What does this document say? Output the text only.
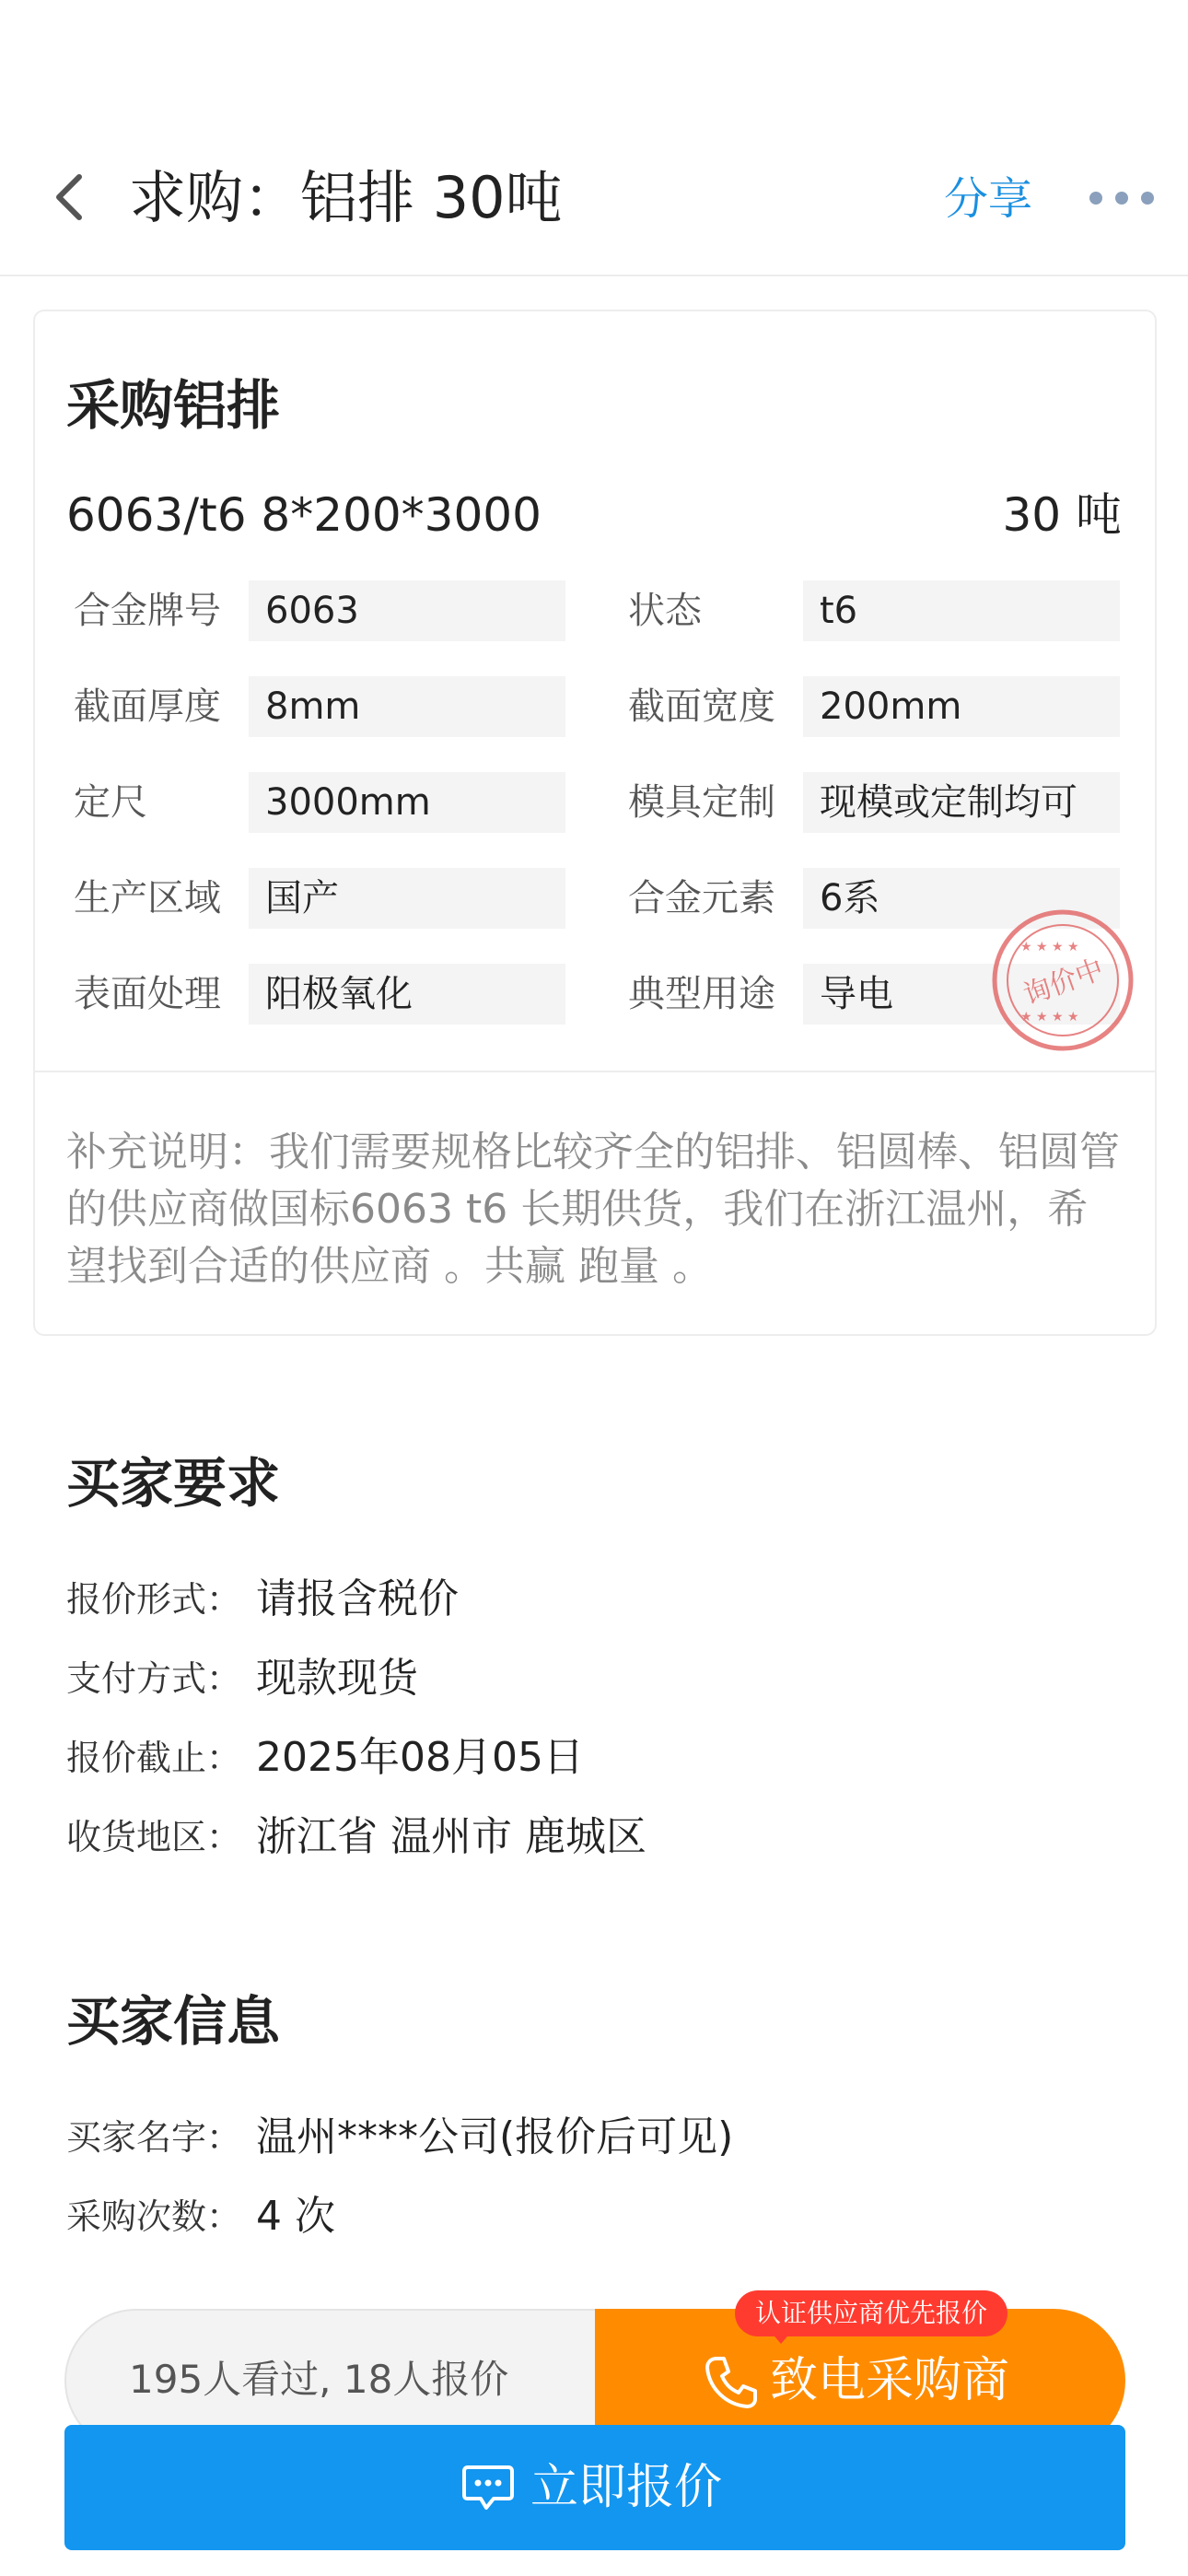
求购：铝排 30吨	分享
采购铝排
6063/t6 8*200*3000	30 吨
合金牌号	6063	状态	t6
截面厚度	8mm	截面宽度	200mm
定尺	3000mm	模具定制	现模或定制均可
生产区域	国产	合金元素	6系
表面处理	阳极氧化	典型用途	导电
★ ★ ★ ★
★ ★ ★ ★
询价中
补充说明：我们需要规格比较齐全的铝排、铝圆棒、铝圆管的供应商做国标6063 t6 长期供货，我们在浙江温州，希望找到合适的供应商 。共赢 跑量 。
买家要求
报价形式： 请报含税价
支付方式： 现款现货
报价截止： 2025年08月05日
收货地区： 浙江省 温州市 鹿城区
买家信息
买家名字： 温州****公司(报价后可见)
采购次数： 4 次
195人看过, 18人报价	致电采购商
认证供应商优先报价
立即报价
